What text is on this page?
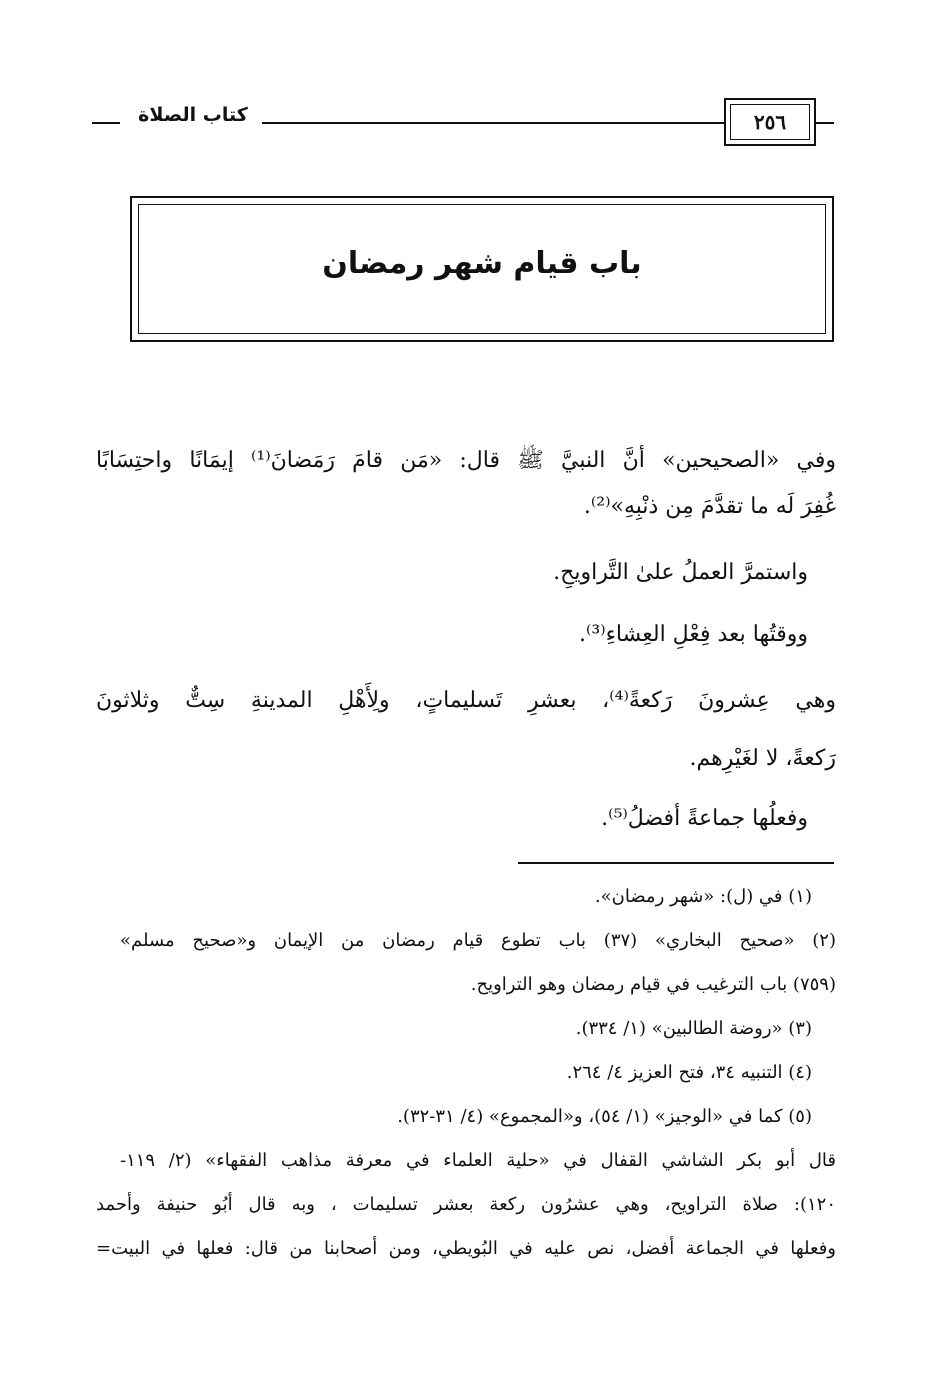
كتاب الصلاة	٢٥٦
باب قيام شهر رمضان
وفي «الصحيحين» أنَّ النبيَّ ﷺ قال: «مَن قامَ رَمَضانَ⁽¹⁾ إيمَانًا واحتِسَابًا
غُفِرَ لَه ما تقدَّمَ مِن ذنْبِهِ»⁽²⁾.
واستمرَّ العملُ علىٰ التَّراويحِ.
ووقتُها بعد فِعْلِ العِشاءِ⁽³⁾.
وهي عِشرونَ رَكعةً⁽⁴⁾، بعشرِ تَسليماتٍ، ولِأَهْلِ المدينةِ سِتٌّ وثلاثونَ
رَكعةً، لا لغَيْرِهم.
وفعلُها جماعةً أفضلُ⁽⁵⁾.
(١) في (ل): «شهر رمضان».
(٢) «صحيح البخاري» (٣٧) باب تطوع قيام رمضان من الإيمان و«صحيح مسلم»
(٧٥٩) باب الترغيب في قيام رمضان وهو التراويح.
(٣) «روضة الطالبين» (١/ ٣٣٤).
(٤) التنبيه ٣٤، فتح العزيز ٤/ ٢٦٤.
(٥) كما في «الوجيز» (١/ ٥٤)، و«المجموع» (٤/ ٣١-٣٢).
قال أبو بكر الشاشي القفال في «حلية العلماء في معرفة مذاهب الفقهاء» (٢/ ١١٩-
١٢٠): صلاة التراويح، وهي عشرُون ركعة بعشر تسليمات ، وبه قال أبُو حنيفة وأحمد
وفعلها في الجماعة أفضل، نص عليه في البُويطي، ومن أصحابنا من قال: فعلها في البيت=
